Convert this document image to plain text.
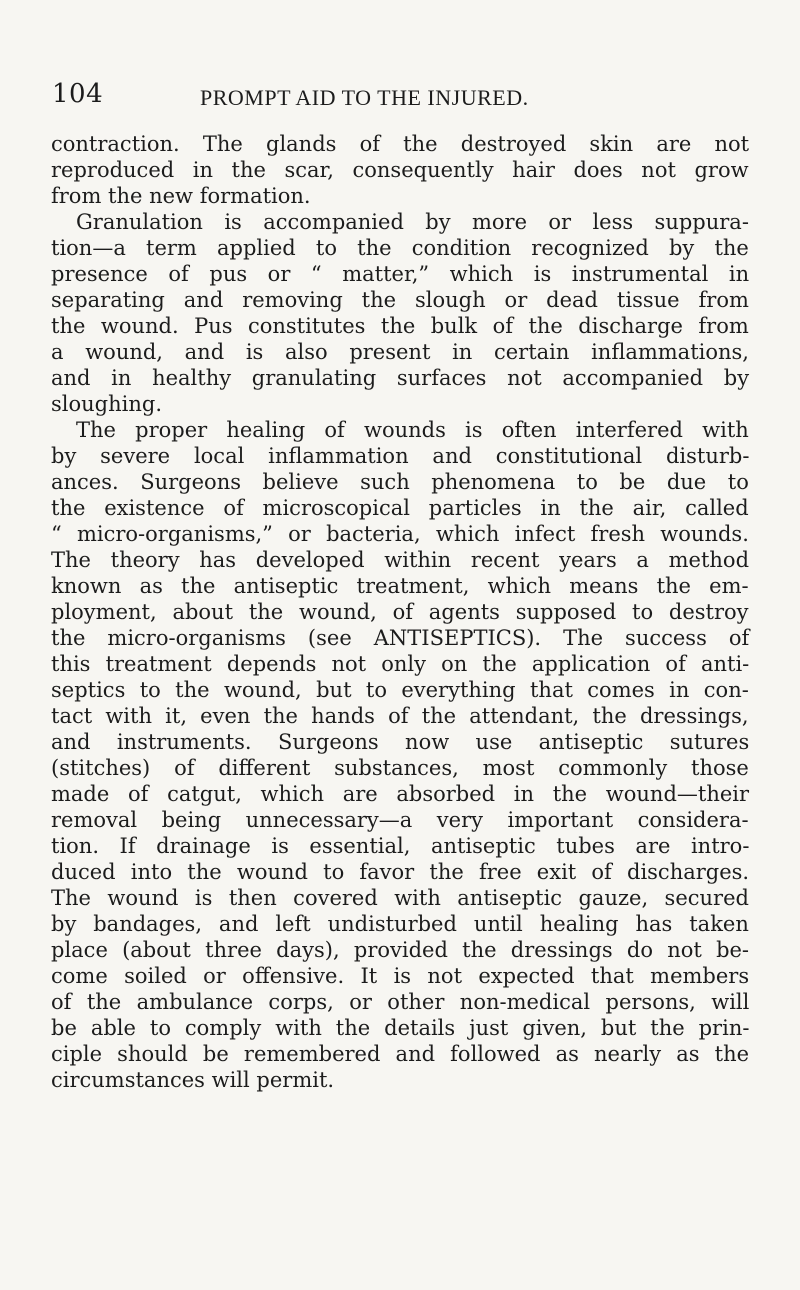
104	PROMPT AID TO THE INJURED.
contraction. The glands of the destroyed skin are not
reproduced in the scar, consequently hair does not grow
from the new formation.
Granulation is accompanied by more or less suppura-
tion—a term applied to the condition recognized by the
presence of pus or “ matter,” which is instrumental in
separating and removing the slough or dead tissue from
the wound. Pus constitutes the bulk of the discharge from
a wound, and is also present in certain inflammations,
and in healthy granulating surfaces not accompanied by
sloughing.
The proper healing of wounds is often interfered with
by severe local inflammation and constitutional disturb-
ances. Surgeons believe such phenomena to be due to
the existence of microscopical particles in the air, called
“ micro-organisms,” or bacteria, which infect fresh wounds.
The theory has developed within recent years a method
known as the antiseptic treatment, which means the em-
ployment, about the wound, of agents supposed to destroy
the micro-organisms (see ANTISEPTICS). The success of
this treatment depends not only on the application of anti-
septics to the wound, but to everything that comes in con-
tact with it, even the hands of the attendant, the dressings,
and instruments. Surgeons now use antiseptic sutures
(stitches) of different substances, most commonly those
made of catgut, which are absorbed in the wound—their
removal being unnecessary—a very important considera-
tion. If drainage is essential, antiseptic tubes are intro-
duced into the wound to favor the free exit of discharges.
The wound is then covered with antiseptic gauze, secured
by bandages, and left undisturbed until healing has taken
place (about three days), provided the dressings do not be-
come soiled or offensive. It is not expected that members
of the ambulance corps, or other non-medical persons, will
be able to comply with the details just given, but the prin-
ciple should be remembered and followed as nearly as the
circumstances will permit.
